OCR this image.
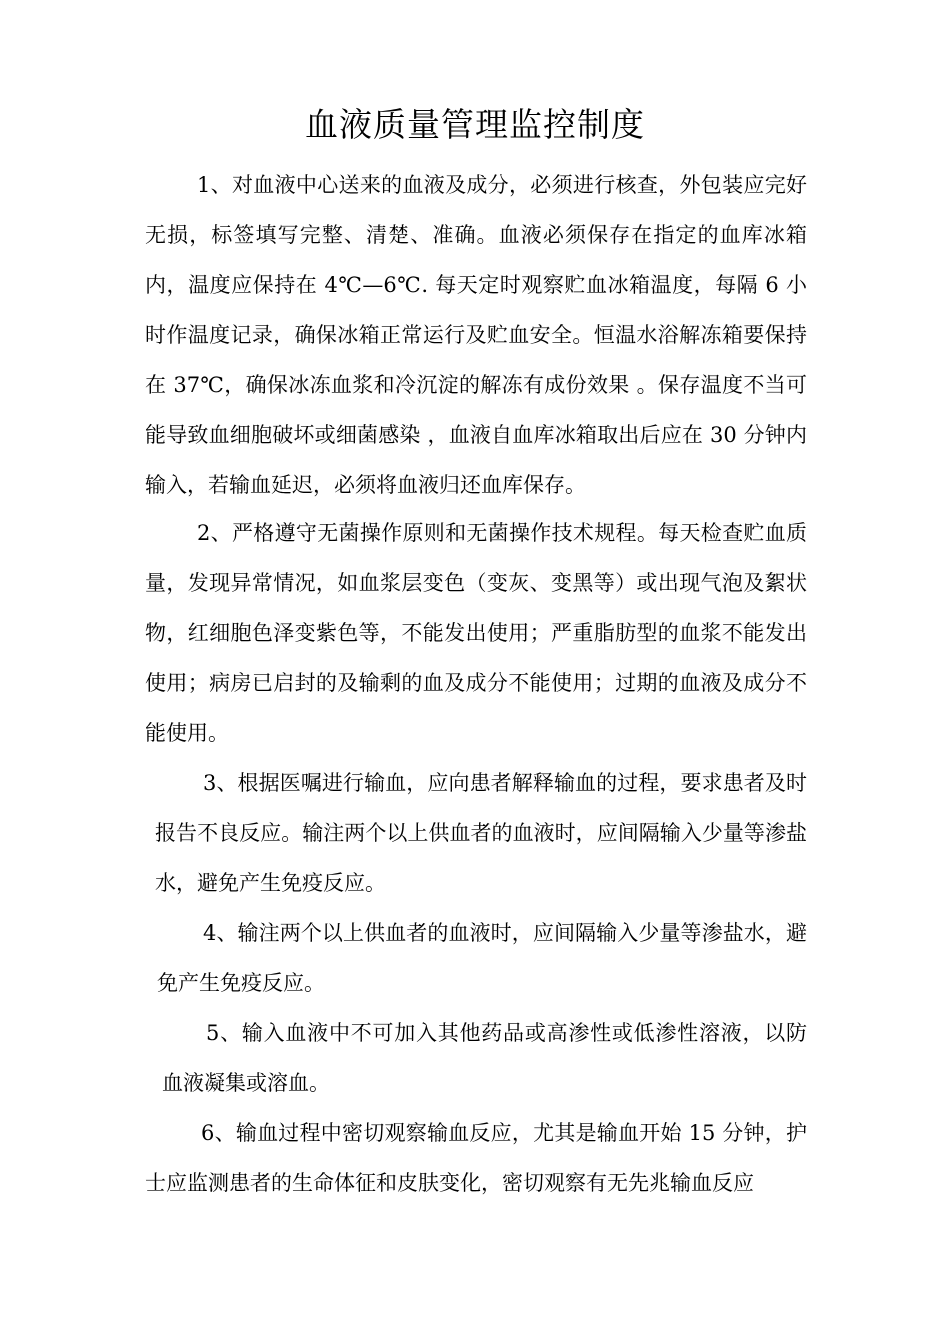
血液质量管理监控制度

1、对血液中心送来的血液及成分，必须进行核查，外包装应完好无损，标签填写完整、清楚、准确。血液必须保存在指定的血库冰箱内，温度应保持在 4℃—6℃. 每天定时观察贮血冰箱温度，每隔 6 小时作温度记录，确保冰箱正常运行及贮血安全。恒温水浴解冻箱要保持在 37℃，确保冰冻血浆和冷沉淀的解冻有成份效果 。保存温度不当可能导致血细胞破坏或细菌感染 ，血液自血库冰箱取出后应在 30 分钟内输入，若输血延迟，必须将血液归还血库保存。

2、严格遵守无菌操作原则和无菌操作技术规程。每天检查贮血质量，发现异常情况，如血浆层变色（变灰、变黑等）或出现气泡及絮状物，红细胞色泽变紫色等，不能发出使用；严重脂肪型的血浆不能发出使用；病房已启封的及输剩的血及成分不能使用；过期的血液及成分不能使用。

3、根据医嘱进行输血，应向患者解释输血的过程，要求患者及时报告不良反应。输注两个以上供血者的血液时，应间隔输入少量等渗盐水，避免产生免疫反应。

4、输注两个以上供血者的血液时，应间隔输入少量等渗盐水，避免产生免疫反应。

5、输入血液中不可加入其他药品或高渗性或低渗性溶液，以防血液凝集或溶血。

6、输血过程中密切观察输血反应，尤其是输血开始 15 分钟，护士应监测患者的生命体征和皮肤变化，密切观察有无先兆输血反应
